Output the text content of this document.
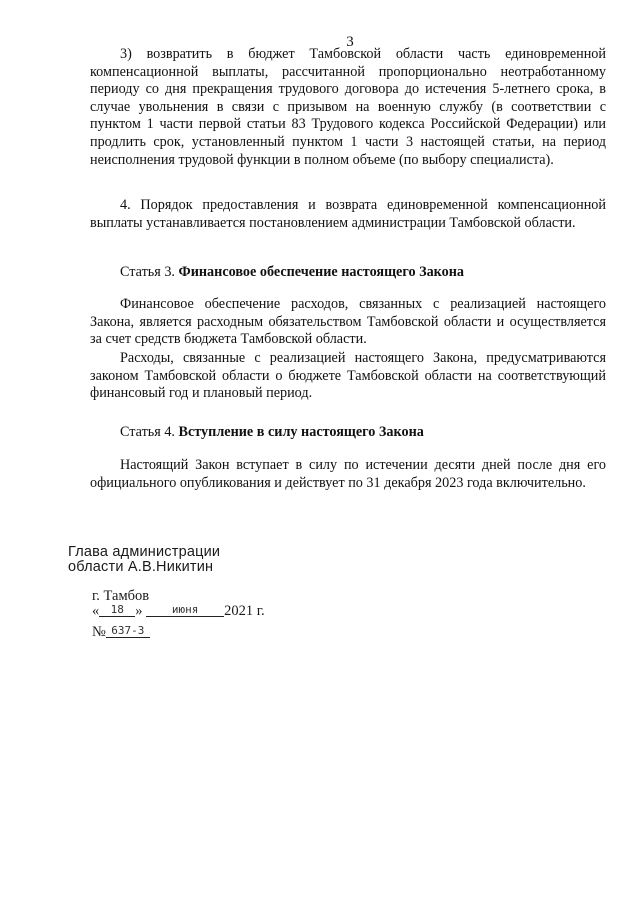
3

3) возвратить в бюджет Тамбовской области часть единовременной компенсационной выплаты, рассчитанной пропорционально неотработанному периоду со дня прекращения трудового договора до истечения 5-летнего срока, в случае увольнения в связи с призывом на военную службу (в соответствии с пунктом 1 части первой статьи 83 Трудового кодекса Российской Федерации) или продлить срок, установленный пунктом 1 части 3 настоящей статьи, на период неисполнения трудовой функции в полном объеме (по выбору специалиста).

4. Порядок предоставления и возврата единовременной компенсационной выплаты устанавливается постановлением администрации Тамбовской области.

Статья 3. Финансовое обеспечение настоящего Закона

Финансовое обеспечение расходов, связанных с реализацией настоящего Закона, является расходным обязательством Тамбовской области и осуществляется за счет средств бюджета Тамбовской области.

Расходы, связанные с реализацией настоящего Закона, предусматриваются законом Тамбовской области о бюджете Тамбовской области на соответствующий финансовый год и плановый период.

Статья 4. Вступление в силу настоящего Закона

Настоящий Закон вступает в силу по истечении десяти дней после дня его официального опубликования и действует по 31 декабря 2023 года включительно.

Глава администрации
области А.В.Никитин
г. Тамбов
« 18 »	июня 2021 г.
№ 637-З
